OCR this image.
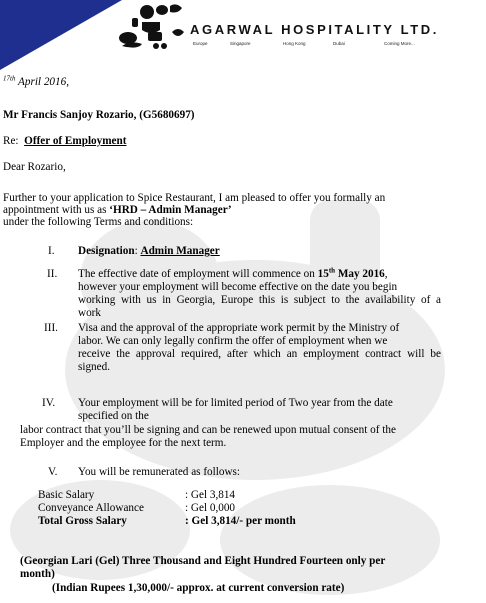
AGARWAL HOSPITALITY LTD.
Europe	Singapore	Hong Kong	Dubai	Coming More...
$^{17th}$ April 2016,
Mr Francis Sanjoy Rozario, (G5680697)
Re: Offer of Employment
Dear Rozario,
Further to your application to Spice Restaurant, I am pleased to offer you formally an
appointment with us as ‘HRD – Admin Manager’
under the following Terms and conditions:
I. Designation: Admin Manager
II. The effective date of employment will commence on 15th May 2016,
however your employment will become effective on the date you begin
working with us in Georgia, Europe this is subject to the availability of a
work
III. Visa and the approval of the appropriate work permit by the Ministry of
labor. We can only legally confirm the offer of employment when we
receive the approval required, after which an employment contract will be
signed.
IV. Your employment will be for limited period of Two year from the date
specified on the
labor contract that you’ll be signing and can be renewed upon mutual consent of the
Employer and the employee for the next term.
V. You will be remunerated as follows:
Basic Salary	: Gel 3,814
Conveyance Allowance	: Gel 0,000
Total Gross Salary	: Gel 3,814/- per month
(Georgian Lari (Gel) Three Thousand and Eight Hundred Fourteen only per
month)
(Indian Rupees 1,30,000/- approx. at current conversion rate)
